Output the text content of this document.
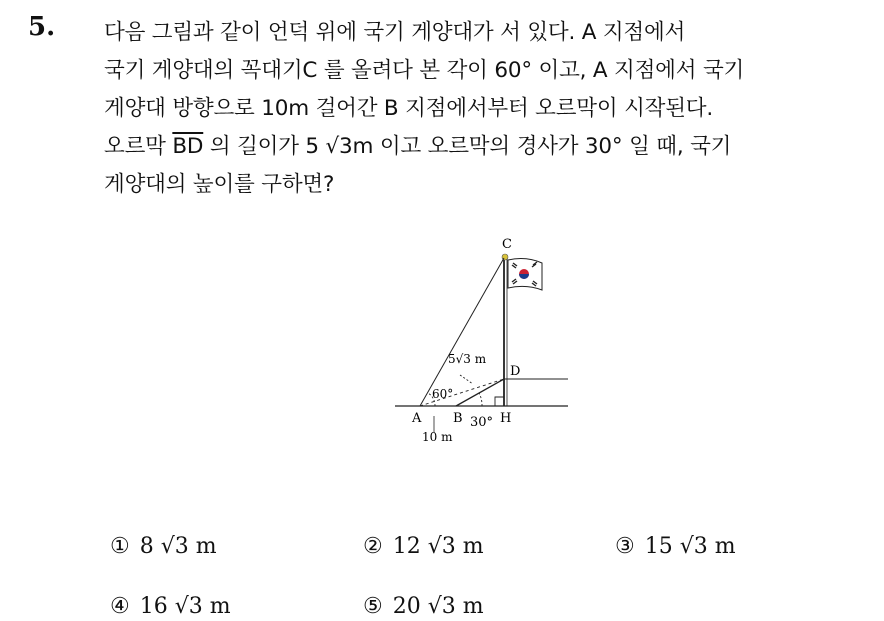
5. 다음 그림과 같이 언덕 위에 국기 게양대가 서 있다. A 지점에서
국기 게양대의 꼭대기C 를 올려다 본 각이 60° 이고, A 지점에서 국기
게양대 방향으로 10m 걸어간 B 지점에서부터 오르막이 시작된다.
오르막 $\overline{BD}$ 의 길이가 5 √3m 이고 오르막의 경사가 30° 일 때, 국기
게양대의 높이를 구하면?
C
D
A B	H
5√3 m
60°
30°
10 m
① 8 √3 m	② 12 √3 m	③ 15 √3 m
④ 16 √3 m	⑤ 20 √3 m
